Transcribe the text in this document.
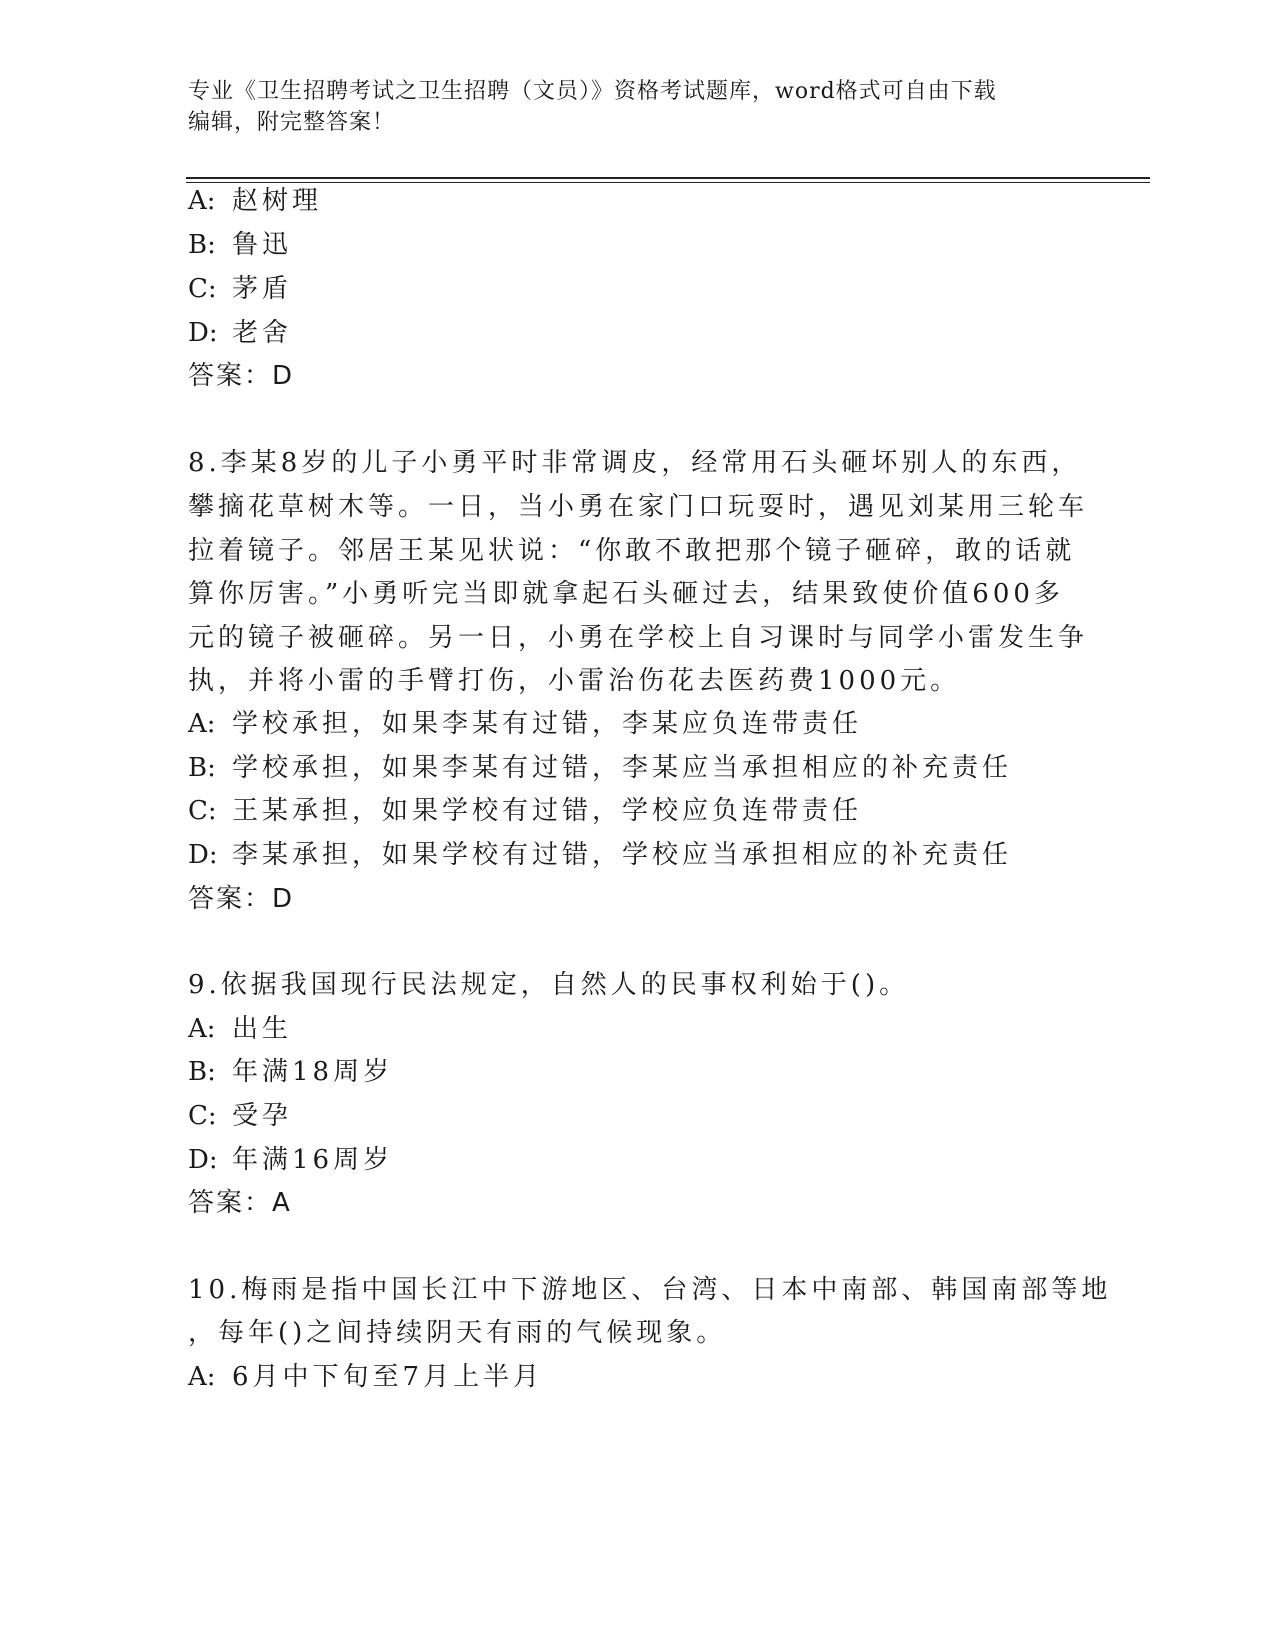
专业《卫生招聘考试之卫生招聘（文员）》资格考试题库，word格式可自由下载
编辑，附完整答案！
A: 赵树理
B: 鲁迅
C: 茅盾
D: 老舍
答案：D
8.李某8岁的儿子小勇平时非常调皮，经常用石头砸坏别人的东西，
攀摘花草树木等。一日，当小勇在家门口玩耍时，遇见刘某用三轮车
拉着镜子。邻居王某见状说：“你敢不敢把那个镜子砸碎，敢的话就
算你厉害。”小勇听完当即就拿起石头砸过去，结果致使价值600多
元的镜子被砸碎。另一日，小勇在学校上自习课时与同学小雷发生争
执，并将小雷的手臂打伤，小雷治伤花去医药费1000元。
A: 学校承担，如果李某有过错，李某应负连带责任
B: 学校承担，如果李某有过错，李某应当承担相应的补充责任
C: 王某承担，如果学校有过错，学校应负连带责任
D: 李某承担，如果学校有过错，学校应当承担相应的补充责任
答案：D
9.依据我国现行民法规定，自然人的民事权利始于()。
A: 出生
B: 年满18周岁
C: 受孕
D: 年满16周岁
答案：A
10.梅雨是指中国长江中下游地区、台湾、日本中南部、韩国南部等地
，每年()之间持续阴天有雨的气候现象。
A: 6月中下旬至7月上半月
